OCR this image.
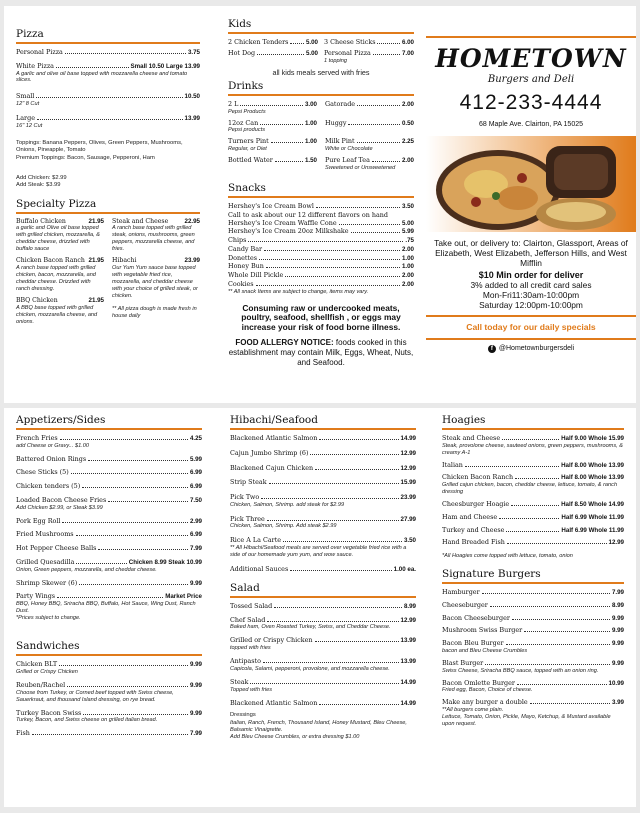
Pizza
Personal Pizza	3.75
White Pizza	Small 10.50 Large 13.99
A garlic and olive oil base topped with mozzarella cheese and tomato slices.
Small	10.50
12" 8 Cut
Large	13.99
16" 12 Cut
Toppings: Banana Peppers, Olives, Green Peppers, Mushrooms, Onions, Pineapple, Tomato
Premium Toppings: Bacon, Sausage, Pepperoni, Ham
Add Chicken: $2.99
Add Steak: $3.99
Specialty Pizza
Buffalo Chicken	21.95
a garlic and Olive oil base topped with grilled chicken, mozzarella, & cheddar cheese, drizzled with buffalo sauce
Chicken Bacon Ranch 21.95
A ranch base topped with grilled chicken, bacon, mozzarella, and cheddar cheese. Drizzled with ranch dressing.
BBQ Chicken	21.95
A BBQ base topped with grilled chicken, mozzarella cheese, and onions.
Steak and Cheese	22.95
A ranch base topped with grilled steak, onions, mushrooms, green peppers, mozzarella cheese, and fries.
Hibachi	23.99
Our Yum Yum sauce base topped with vegetable fried rice, mozzarella, and cheddar cheese with your choice of grilled steak, or chicken.
** All pizza dough is made fresh in house daily
Kids
2 Chicken Tenders	5.00 3 Cheese Sticks	6.00
Hot Dog	5.00 Personal Pizza	7.00
1 topping
all kids meals served with fries
Drinks
2 L	3.00
Pepsi Products
Gatorade	2.00
12oz Can	1.00
Pepsi products
Huggy	0.50
Turners Pint	1.00
Regular, or Diet
Milk Pint	2.25
White or Chocolate
Bottled Water	1.50 Pure Leaf Tea	2.00
Sweetened or Unsweetened
Snacks
Hershey's Ice Cream Bowl	3.50
Call to ask about our 12 different flavors on hand
Hershey's Ice Cream Waffle Cone	5.00
Hershey's Ice Cream 20oz Milkshake	5.99
Chips	.75
Candy Bar	2.00
Donettes	1.00
Honey Bun	1.00
Whole Dill Pickle	2.00
Cookies	2.00
** All snack Items are subject to change, items may vary.
Consuming raw or undercooked meats, poultry, seafood, shellfish , or eggs may increase your risk of food borne illness.
FOOD ALLERGY NOTICE: foods cooked in this establishment may contain Milk, Eggs, Wheat, Nuts, and Seafood.
HOMETOWN
Burgers and Deli
412-233-4444
68 Maple Ave. Clairton, PA 15025
Take out, or delivery to: Clairton, Glassport, Areas of Elizabeth, West Elizabeth, Jefferson Hills, and West Mifflin
$10 Min order for deliver
3% added to all credit card sales
Mon-Fri11:30am-10:00pm
Saturday 12:00pm-10:00pm
Call today for our daily specials
f @Hometownburgersdeli
Appetizers/Sides
French Fries	4.25
add Cheese or Gravy... $1.00
Battered Onion Rings	5.99
Chese Sticks (5)	6.99
Chicken tenders (5)	6.99
Loaded Bacon Cheese Fries	7.50
Add Chicken $2.99, or Steak $3.99
Pork Egg Roll	2.99
Fried Mushrooms	6.99
Hot Pepper Cheese Balls	7.99
Grilled Quesadilla	Chicken 8.99 Steak 10.99
Onion, Green peppers, mozzarella, and cheddar cheese.
Shrimp Skewer (6)	9.99
Party Wings	Market Price
BBQ, Honey BBQ, Sriracha BBQ, Buffalo, Hot Sauce, Wing Dust, Ranch Dust.
*Prices subject to change.
Sandwiches
Chicken BLT	9.99
Grilled or Crispy Chicken
Reuben/Rachel	9.99
Choose from Turkey, or Corned beef topped with Swiss cheese, Sauerkraut, and thousand Island dressing, on rye bread.
Turkey Bacon Swiss	9.99
Turkey, Bacon, and Swiss cheese on grilled italian bread.
Fish	7.99
Hibachi/Seafood
Blackened Atlantic Salmon	14.99
Cajun Jumbo Shrimp (6)	12.99
Blackened Cajun Chicken	12.99
Strip Steak	15.99
Pick Two	23.99
Chicken, Salmon, Shrimp. add steak for $2.99
Pick Three	27.99
Chicken, Salmon, Shrimp. Add steak $2.99
Rice A La Carte	3.50
** All Hibachi/Seafood meals are served over vegetable fried rice with a side of our homemade yum yum, and wow sauce.
Additional Sauces	1.00 ea.
Salad
Tossed Salad	8.99
Chef Salad	12.99
Baked ham, Oven Roasted Turkey, Swiss, and Cheddar Cheese.
Grilled or Crispy Chicken	13.99
topped with fries
Antipasto	13.99
Capicola, Salami, pepperoni, provolone, and mozzarella cheese.
Steak	14.99
Topped with fries
Blackened Atlantic Salmon	14.99
Dressings
Italian, Ranch, French, Thousand Island, Honey Mustard, Bleu Cheese, Balsamic Vinaigrette.
Add Bleu Cheese Crumbles, or extra dressing $1.00
Hoagies
Steak and Cheese	Half 9.00 Whole 15.99
Steak, provolone cheese, sauteed onions, green peppers, mushrooms, & creamy A-1
Italian	Half 8.00 Whole 13.99
Chicken Bacon Ranch	Half 8.00 Whole 13.99
Grilled cajun chicken, bacon, cheddar cheese, lettuce, tomato, & ranch dressing
Cheesburger Hoagie	Half 8.50 Whole 14.99
Ham and Cheese	Half 6.99 Whole 11.99
Turkey and Cheese	Half 6.99 Whole 11.99
Hand Breaded Fish	12.99
*All Hoagies come topped with lettuce, tomato, onion
Signature Burgers
Hamburger	7.99
Cheeseburger	8.99
Bacon Cheeseburger	9.99
Mushroom Swiss Burger	9.99
Bacon Bleu Burger	9.99
bacon and Bleu Cheese Crumbles
Blast Burger	9.99
Swiss Cheese, Sriracha BBQ sauce, topped with an onion ring.
Bacon Omlette Burger	10.99
Fried egg, Bacon, Choice of cheese.
Make any burger a double	3.99
**All burgers come plain.
Lettuce, Tomato, Onion, Pickle, Mayo, Ketchup, & Mustard available upon request.
